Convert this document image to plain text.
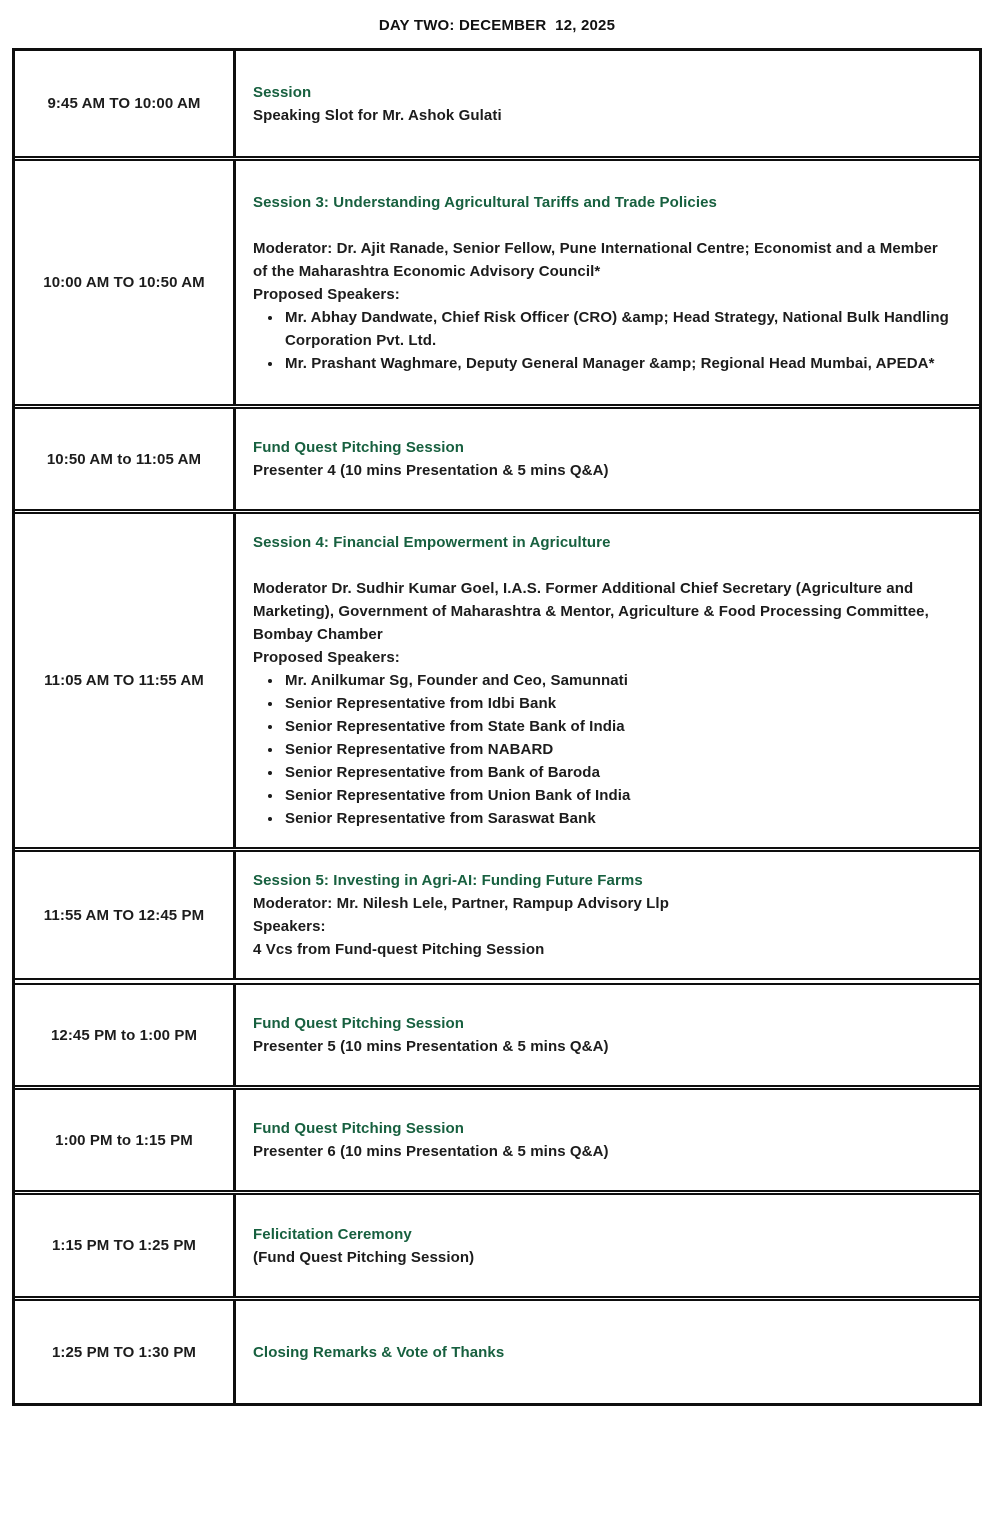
DAY TWO: DECEMBER  12, 2025
9:45 AM TO 10:00 AM
Session
Speaking Slot for Mr. Ashok Gulati
10:00 AM TO 10:50 AM
Session 3: Understanding Agricultural Tariffs and Trade Policies
Moderator: Dr. Ajit Ranade, Senior Fellow, Pune International Centre; Economist and a Member of the Maharashtra Economic Advisory Council*
Proposed Speakers:
• Mr. Abhay Dandwate, Chief Risk Officer (CRO) &amp; Head Strategy, National Bulk Handling Corporation Pvt. Ltd.
• Mr. Prashant Waghmare, Deputy General Manager &amp; Regional Head Mumbai, APEDA*
10:50 AM to 11:05 AM
Fund Quest Pitching Session
Presenter 4 (10 mins Presentation & 5 mins Q&A)
11:05 AM TO 11:55 AM
Session 4: Financial Empowerment in Agriculture
Moderator Dr. Sudhir Kumar Goel, I.A.S. Former Additional Chief Secretary (Agriculture and Marketing), Government of Maharashtra & Mentor, Agriculture & Food Processing Committee, Bombay Chamber
Proposed Speakers:
• Mr. Anilkumar Sg, Founder and Ceo, Samunnati
• Senior Representative from Idbi Bank
• Senior Representative from State Bank of India
• Senior Representative from NABARD
• Senior Representative from Bank of Baroda
• Senior Representative from Union Bank of India
• Senior Representative from Saraswat Bank
11:55 AM TO 12:45 PM
Session 5: Investing in Agri-AI: Funding Future Farms
Moderator: Mr. Nilesh Lele, Partner, Rampup Advisory Llp
Speakers:
4 Vcs from Fund-quest Pitching Session
12:45 PM to 1:00 PM
Fund Quest Pitching Session
Presenter 5 (10 mins Presentation & 5 mins Q&A)
1:00 PM to 1:15 PM
Fund Quest Pitching Session
Presenter 6 (10 mins Presentation & 5 mins Q&A)
1:15 PM TO 1:25 PM
Felicitation Ceremony
(Fund Quest Pitching Session)
1:25 PM TO 1:30 PM	Closing Remarks & Vote of Thanks
